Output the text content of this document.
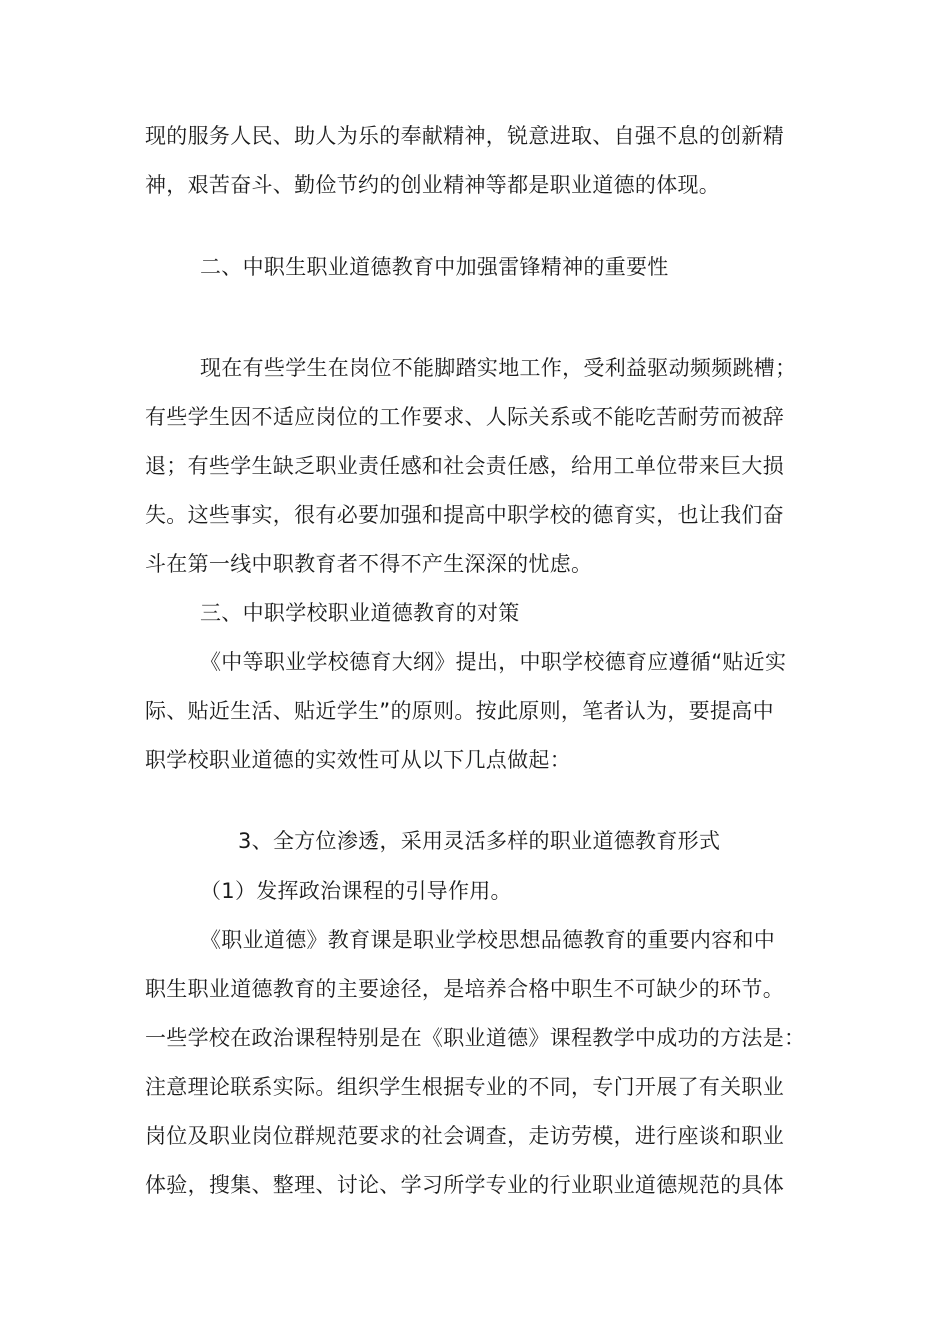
现的服务人民、助人为乐的奉献精神，锐意进取、自强不息的创新精
神，艰苦奋斗、勤俭节约的创业精神等都是职业道德的体现。
二、中职生职业道德教育中加强雷锋精神的重要性
现在有些学生在岗位不能脚踏实地工作，受利益驱动频频跳槽；
有些学生因不适应岗位的工作要求、人际关系或不能吃苦耐劳而被辞
退；有些学生缺乏职业责任感和社会责任感，给用工单位带来巨大损
失。这些事实，很有必要加强和提高中职学校的德育实，也让我们奋
斗在第一线中职教育者不得不产生深深的忧虑。
三、中职学校职业道德教育的对策
《中等职业学校德育大纲》提出，中职学校德育应遵循“贴近实
际、贴近生活、贴近学生”的原则。按此原则，笔者认为，要提高中
职学校职业道德的实效性可从以下几点做起：
3、全方位渗透，采用灵活多样的职业道德教育形式
（1）发挥政治课程的引导作用。
《职业道德》教育课是职业学校思想品德教育的重要内容和中
职生职业道德教育的主要途径，是培养合格中职生不可缺少的环节。
一些学校在政治课程特别是在《职业道德》课程教学中成功的方法是：
注意理论联系实际。组织学生根据专业的不同，专门开展了有关职业
岗位及职业岗位群规范要求的社会调查，走访劳模，进行座谈和职业
体验，搜集、整理、讨论、学习所学专业的行业职业道德规范的具体
